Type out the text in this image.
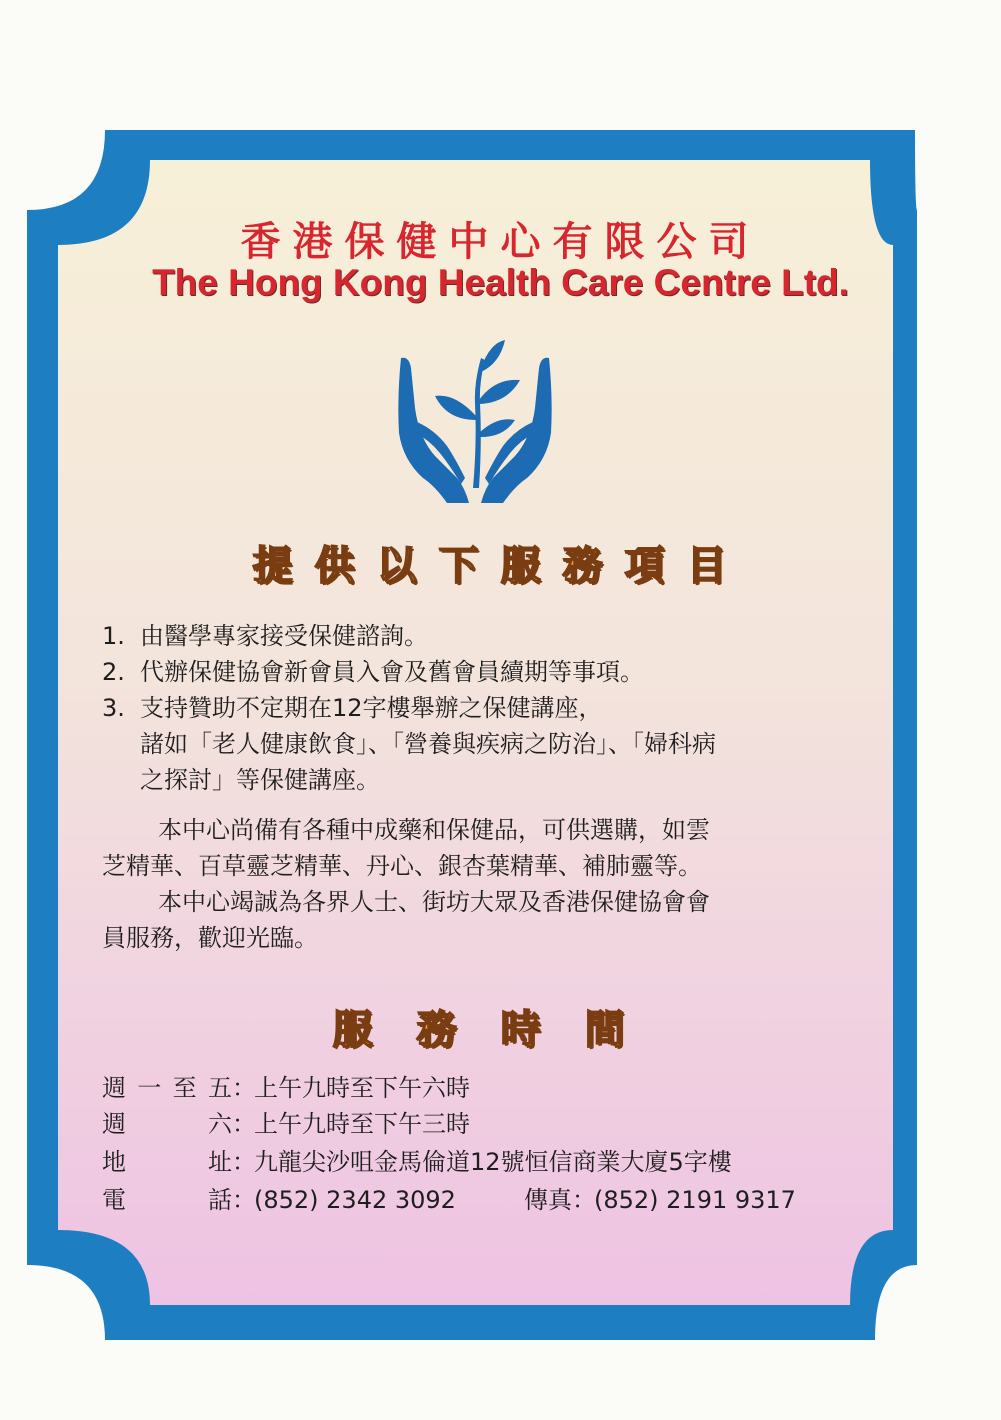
香港保健中心有限公司
The Hong Kong Health Care Centre Ltd.
提供以下服務項目
1. 由醫學專家接受保健諮詢。
2. 代辦保健協會新會員入會及舊會員續期等事項。
3. 支持贊助不定期在12字樓舉辦之保健講座，
諸如「老人健康飲食」、「營養與疾病之防治」、「婦科病
之探討」等保健講座。
本中心尚備有各種中成藥和保健品，可供選購，如雲
芝精華、百草靈芝精華、丹心、銀杏葉精華、補肺靈等。
本中心竭誠為各界人士、街坊大眾及香港保健協會會
員服務，歡迎光臨。
服務時間
週一至五：上午九時至下午六時
週　　六：上午九時至下午三時
地　　址：九龍尖沙咀金馬倫道12號恒信商業大廈5字樓
電　　話：(852) 2342 3092	傳真：(852) 2191 9317
